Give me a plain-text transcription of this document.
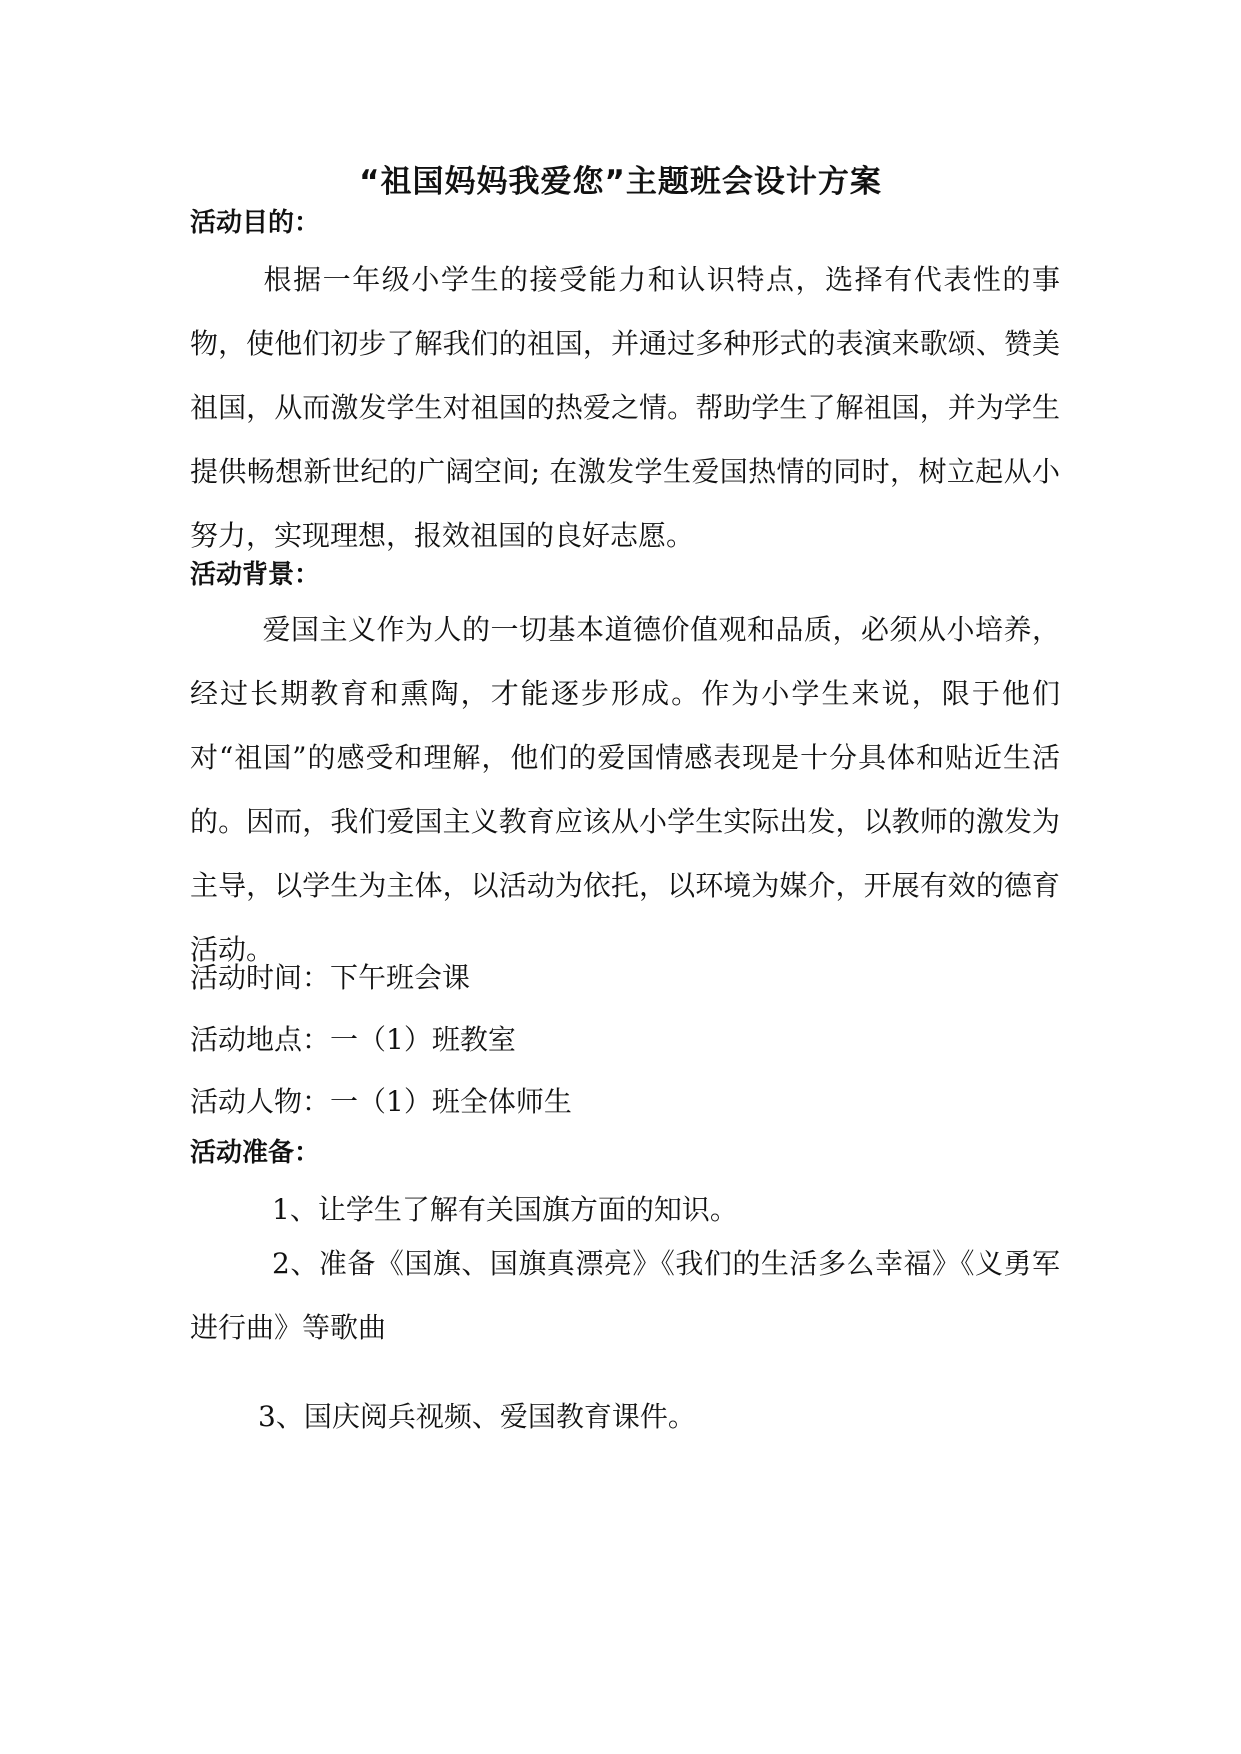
“祖国妈妈我爱您”主题班会设计方案
活动目的：
根据一年级小学生的接受能力和认识特点，选择有代表性的事物，使他们初步了解我们的祖国，并通过多种形式的表演来歌颂、赞美祖国，从而激发学生对祖国的热爱之情。帮助学生了解祖国，并为学生提供畅想新世纪的广阔空间; 在激发学生爱国热情的同时，树立起从小努力，实现理想，报效祖国的良好志愿。
活动背景：
爱国主义作为人的一切基本道德价值观和品质，必须从小培养，经过长期教育和熏陶，才能逐步形成。作为小学生来说，限于他们对“祖国”的感受和理解，他们的爱国情感表现是十分具体和贴近生活的。因而，我们爱国主义教育应该从小学生实际出发，以教师的激发为主导，以学生为主体，以活动为依托，以环境为媒介，开展有效的德育活动。
活动时间：下午班会课
活动地点：一（1）班教室
活动人物：一（1）班全体师生
活动准备：
1、让学生了解有关国旗方面的知识。
2、准备《国旗、国旗真漂亮》《我们的生活多么幸福》《义勇军进行曲》等歌曲
3、国庆阅兵视频、爱国教育课件。
